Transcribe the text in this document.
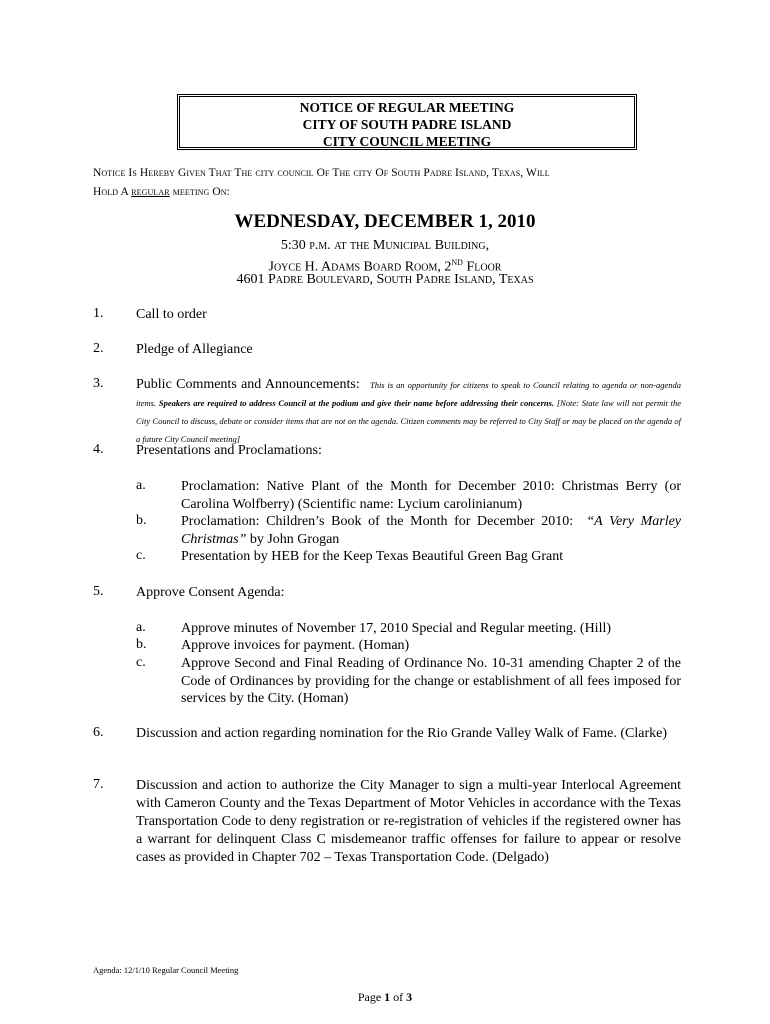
NOTICE OF REGULAR MEETING
CITY OF SOUTH PADRE ISLAND
CITY COUNCIL MEETING
Notice Is Hereby Given That The city council Of The city Of South Padre Island, Texas, Will
Hold A regular meeting On:
WEDNESDAY, DECEMBER 1, 2010
5:30 p.m. at the Municipal Building,
Joyce H. Adams Board Room, 2ND Floor
4601 Padre Boulevard, South Padre Island, Texas
1. Call to order
2. Pledge of Allegiance
3. Public Comments and Announcements: This is an opportunity for citizens to speak to Council relating to agenda or non-agenda items. Speakers are required to address Council at the podium and give their name before addressing their concerns. [Note: State law will not permit the City Council to discuss, debate or consider items that are not on the agenda. Citizen comments may be referred to City Staff or may be placed on the agenda of a future City Council meeting]
4. Presentations and Proclamations:
a.	Proclamation: Native Plant of the Month for December 2010: Christmas Berry (or Carolina Wolfberry) (Scientific name: Lycium carolinianum)
b. Proclamation: Children’s Book of the Month for December 2010: “A Very Marley Christmas” by John Grogan
c.	Presentation by HEB for the Keep Texas Beautiful Green Bag Grant
5. Approve Consent Agenda:
a.	Approve minutes of November 17, 2010 Special and Regular meeting. (Hill)
b. Approve invoices for payment. (Homan)
c.	Approve Second and Final Reading of Ordinance No. 10-31 amending Chapter 2 of the Code of Ordinances by providing for the change or establishment of all fees imposed for services by the City. (Homan)
6. Discussion and action regarding nomination for the Rio Grande Valley Walk of Fame. (Clarke)
7. Discussion and action to authorize the City Manager to sign a multi-year Interlocal Agreement with Cameron County and the Texas Department of Motor Vehicles in accordance with the Texas Transportation Code to deny registration or re-registration of vehicles if the registered owner has a warrant for delinquent Class C misdemeanor traffic offenses for failure to appear or resolve cases as provided in Chapter 702 – Texas Transportation Code. (Delgado)
Agenda: 12/1/10 Regular Council Meeting
Page 1 of 3
